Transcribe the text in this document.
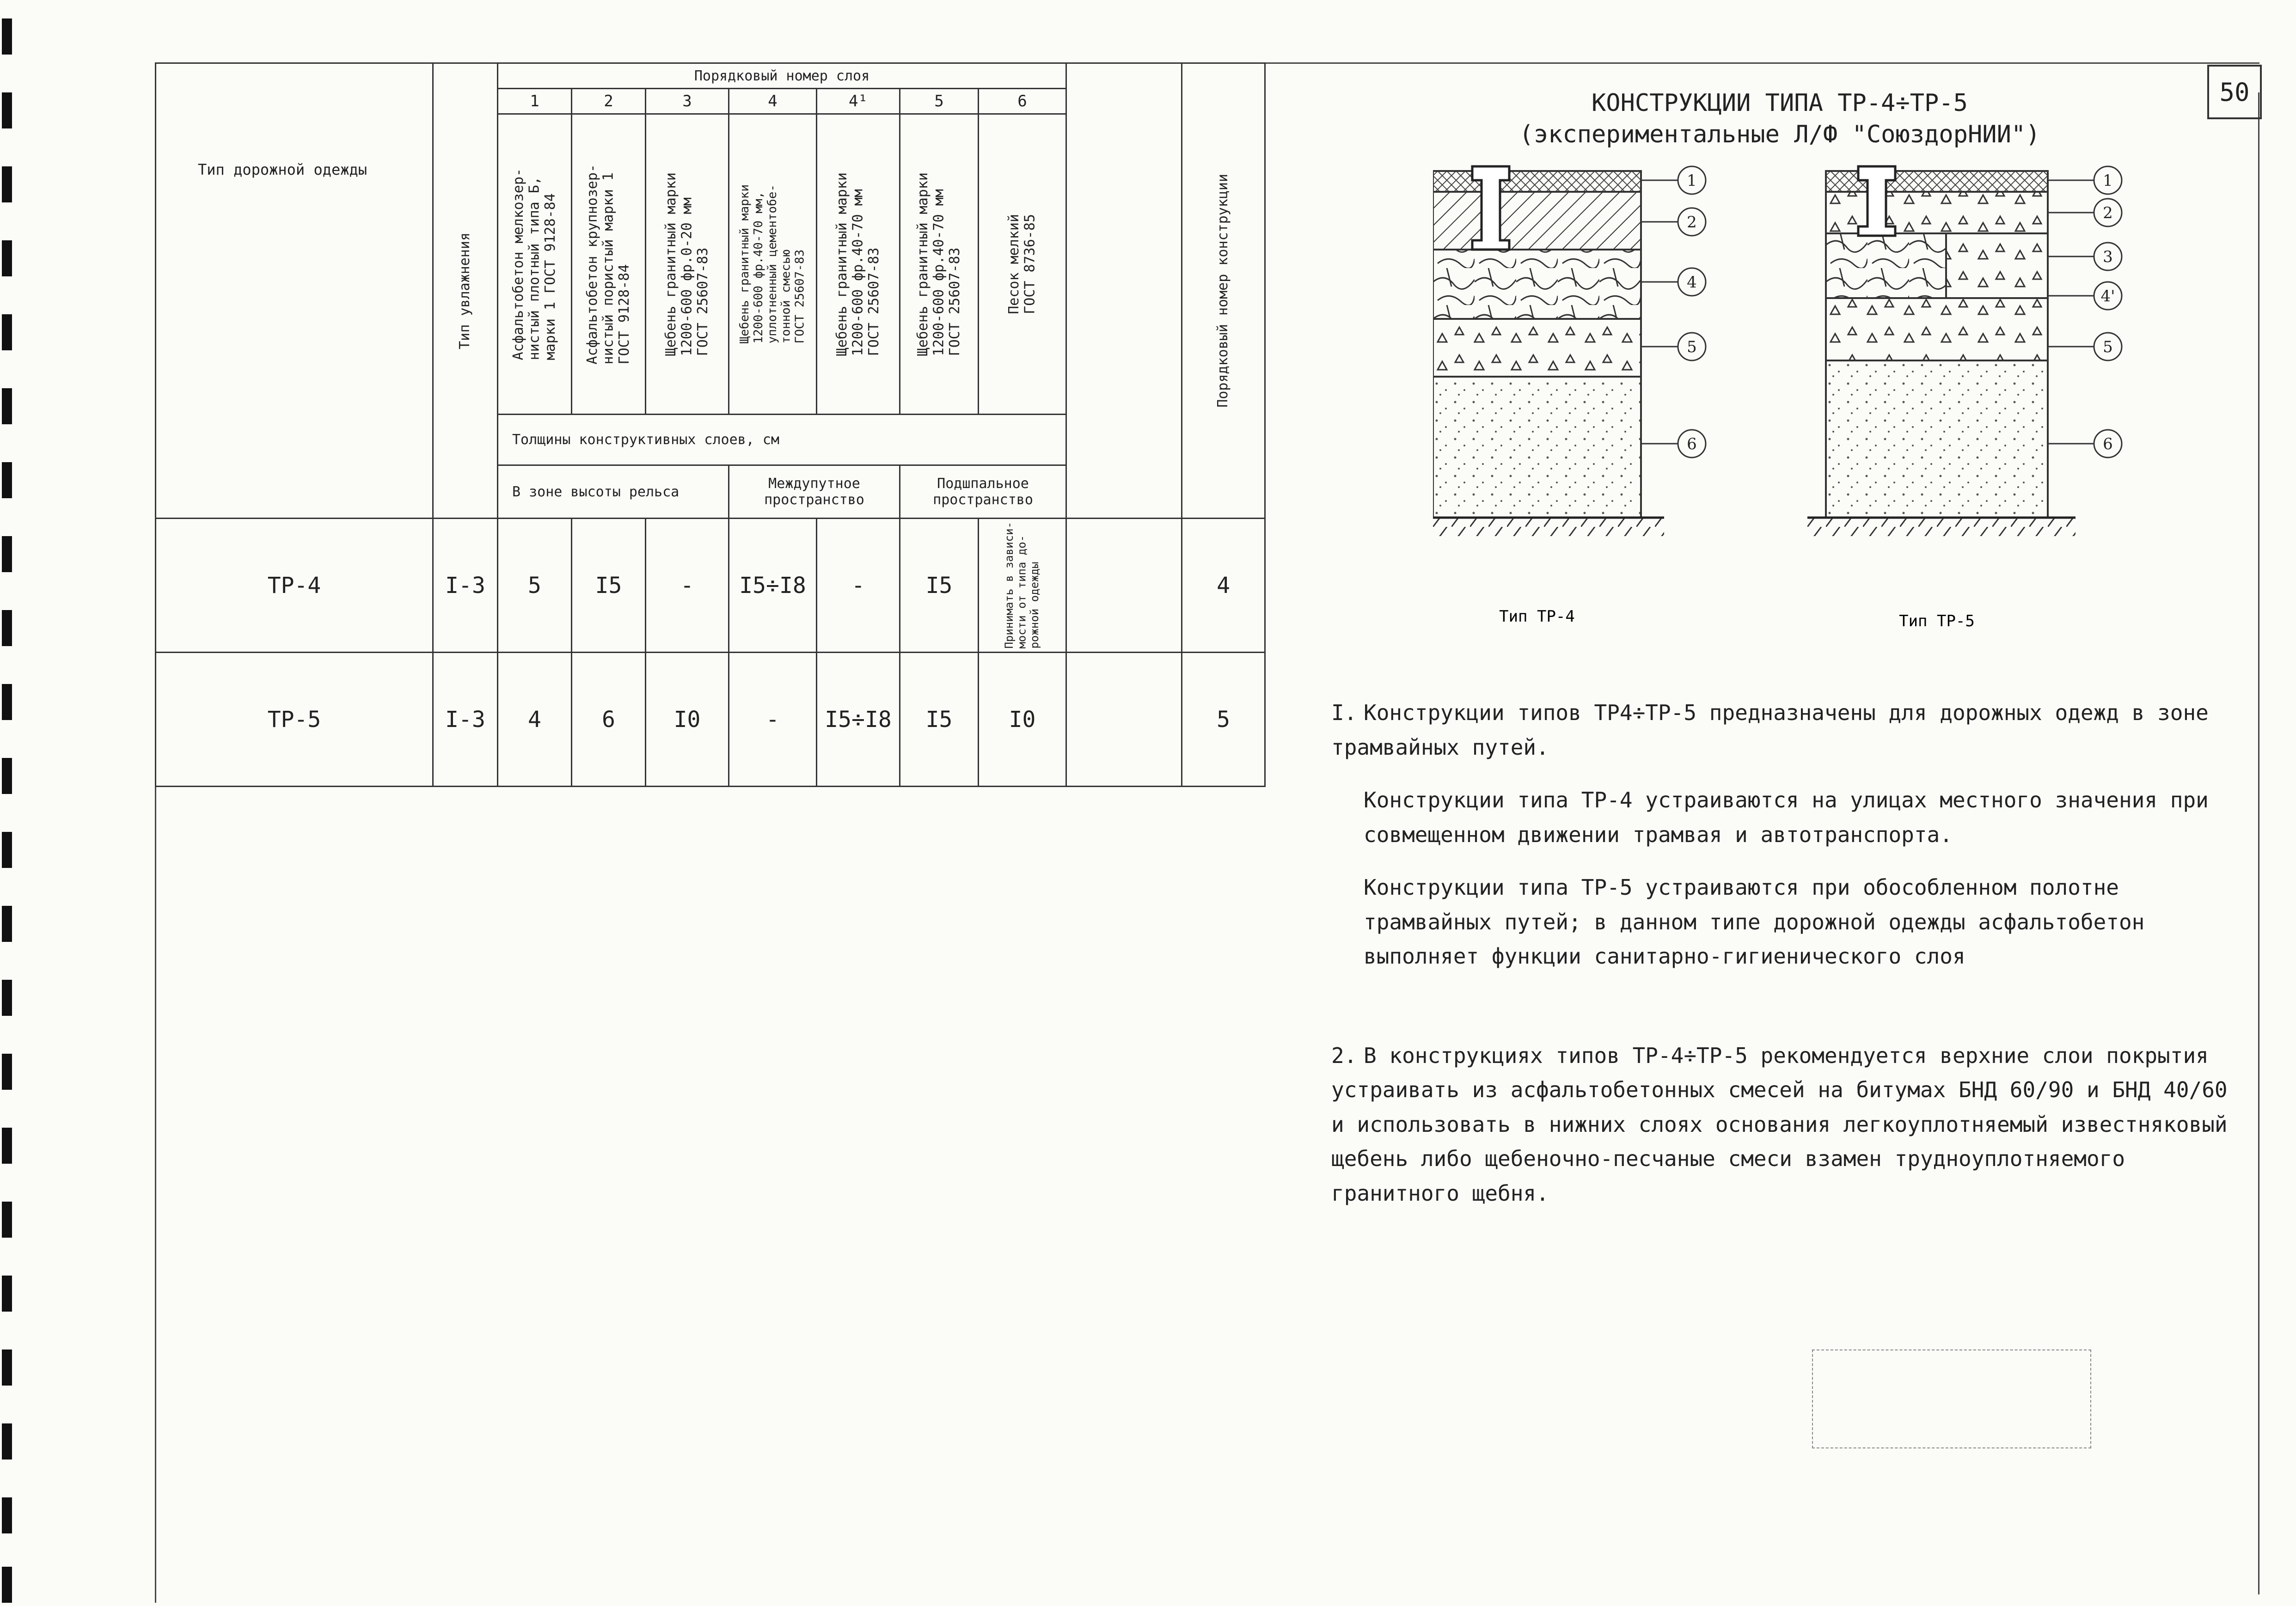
50
Тип дорожной одежды	Тип увлажнения	Порядковый номер слоя								Порядковый номер конструкции

		1	2	3	4	4¹	5	6		

		Асфальтобетон мелкозер-
нистый плотный типа Б,
марки 1 ГОСТ 9128-84	Асфальтобетон крупнозер-
нистый пористый марки 1
ГОСТ 9128-84	Щебень гранитный марки
1200-600 фр.0-20 мм
ГОСТ 25607-83	Щебень гранитный марки
1200-600 фр.40-70 мм,
уплотненный цементобе-
тонной смесью
ГОСТ 25607-83	Щебень гранитный марки
1200-600 фр.40-70 мм
ГОСТ 25607-83	Щебень гранитный марки
1200-600 фр.40-70 мм
ГОСТ 25607-83	Песок мелкий
ГОСТ 8736-85		

		Толщины конструктивных слоев, см								
		В зоне высоты рельса			Междупутное пространство		Подшпальное пространство			
ТР-4	I-3	5	I5	-	I5÷I8	-	I5	Принимать в зависи-
мости от типа до-
рожной одежды		4
ТР-5	I-3	4	6	I0	-	I5÷I8	I5	I0		5
КОНСТРУКЦИИ ТИПА ТР-4÷ТР-5
(экспериментальные Л/Ф "СоюздорНИИ")
1
2
4
5
6
1
2
3
4'
5
6
Тип ТР-4	Тип ТР-5

I. Конструкции типов ТР4÷ТР-5 предназначены для дорожных одежд в зоне трамвайных путей.

Конструкции типа ТР-4 устраиваются на улицах местного значения при совмещенном движении трамвая и автотранспорта.

Конструкции типа ТР-5 устраиваются при обособленном полотне трамвайных путей; в данном типе дорожной одежды асфальтобетон выполняет функции санитарно-гигиенического слоя

2. В конструкциях типов ТР-4÷ТР-5 рекомендуется верхние слои покрытия устраивать из асфальтобетонных смесей на битумах БНД 60/90 и БНД 40/60 и использовать в нижних слоях основания легкоуплотняемый известняковый щебень либо щебеночно-песчаные смеси взамен трудноуплотняемого гранитного щебня.
